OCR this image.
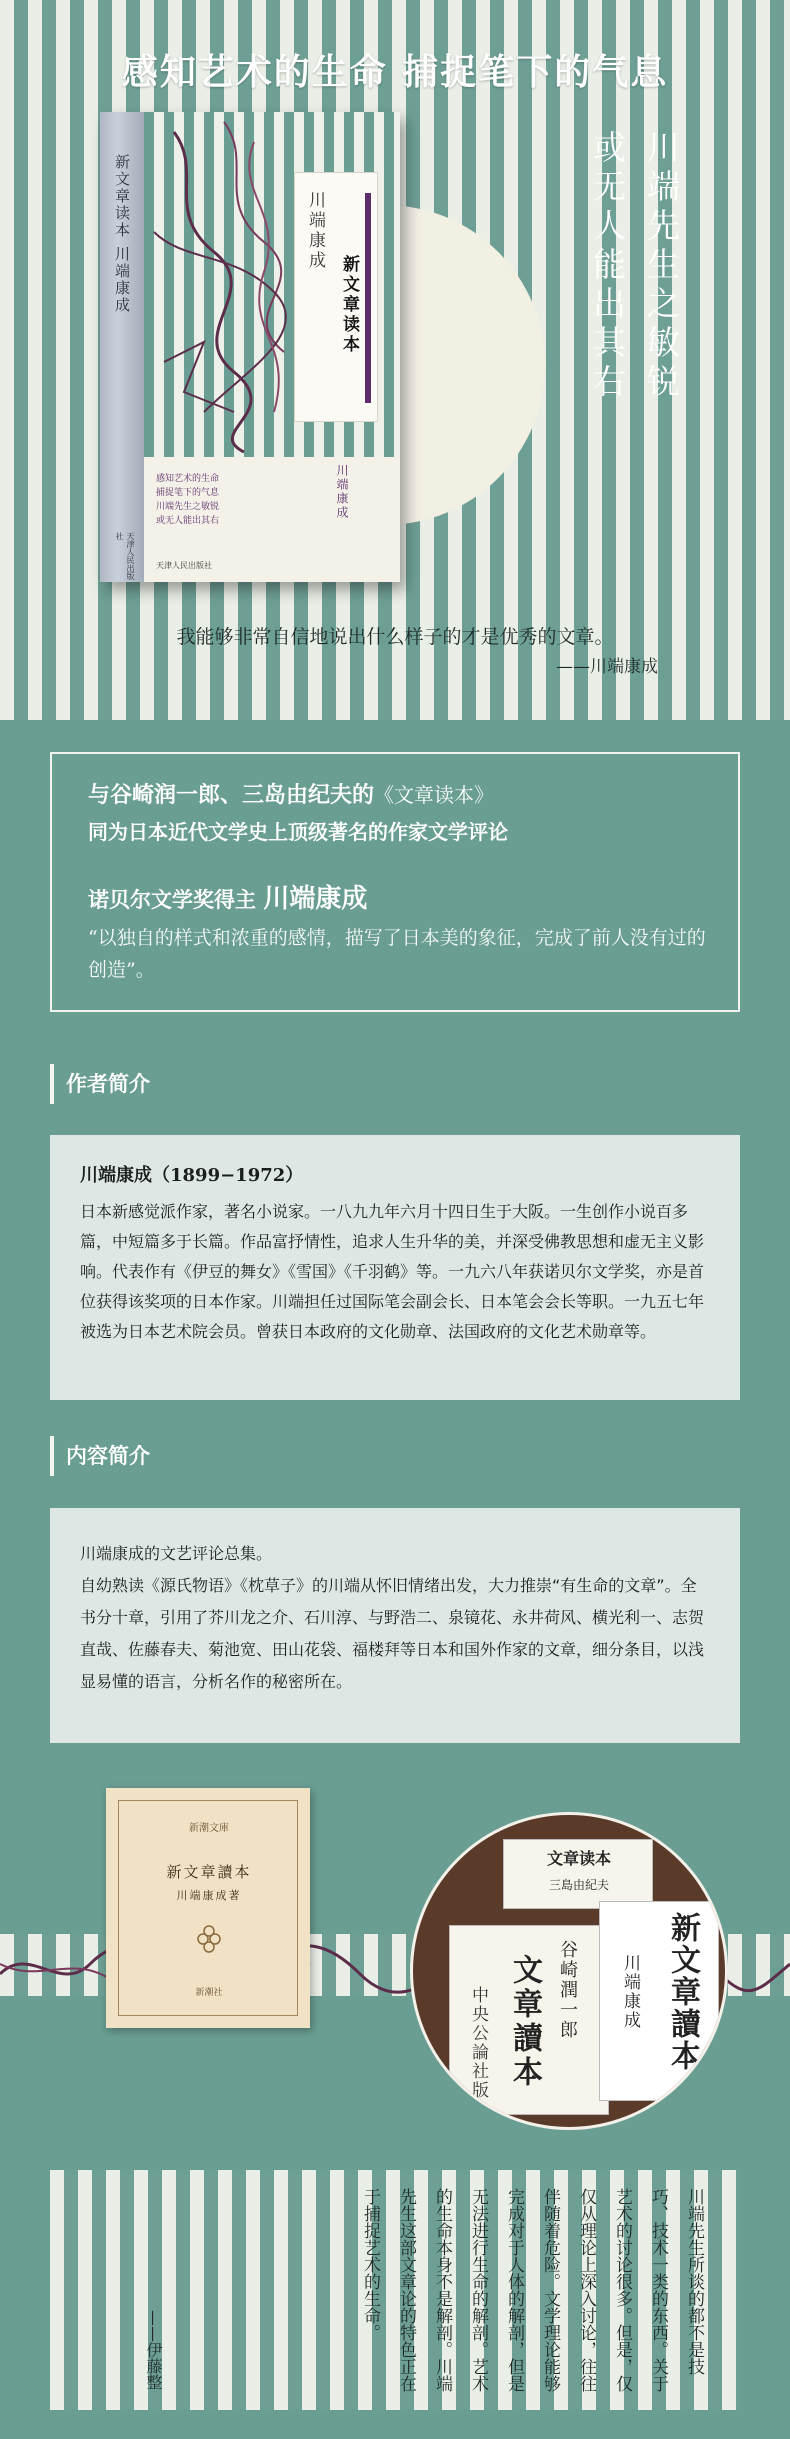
感知艺术的生命 捕捉笔下的气息
新文章读本 川端康成
天津人民出版社
川端康成
新文章读本
感知艺术的生命
捕捉笔下的气息
川端先生之敏锐
或无人能出其右
川端康成
天津人民出版社
川端先生之敏锐
或无人能出其右
我能够非常自信地说出什么样子的才是优秀的文章。
——川端康成
与谷崎润一郎、三岛由纪夫的《文章读本》
同为日本近代文学史上顶级著名的作家文学评论
诺贝尔文学奖得主 川端康成
“以独自的样式和浓重的感情，描写了日本美的象征，完成了前人没有过的创造”。
作者简介
川端康成（1899−1972）
日本新感觉派作家，著名小说家。一八九九年六月十四日生于大阪。一生创作小说百多篇，中短篇多于长篇。作品富抒情性，追求人生升华的美，并深受佛教思想和虚无主义影响。代表作有《伊豆的舞女》《雪国》《千羽鹤》等。一九六八年获诺贝尔文学奖，亦是首位获得该奖项的日本作家。川端担任过国际笔会副会长、日本笔会会长等职。一九五七年被选为日本艺术院会员。曾获日本政府的文化勋章、法国政府的文化艺术勋章等。
内容简介
川端康成的文艺评论总集。
自幼熟读《源氏物语》《枕草子》的川端从怀旧情绪出发，大力推崇“有生命的文章”。全书分十章，引用了芥川龙之介、石川淳、与野浩二、泉镜花、永井荷风、横光利一、志贺直哉、佐藤春夫、菊池宽、田山花袋、福楼拜等日本和国外作家的文章，细分条目，以浅显易懂的语言，分析名作的秘密所在。
新潮文庫
新文章讀本
川端康成著
新潮社
文章读本
三島由紀夫
谷崎潤一郎
文章讀本
中央公論社版	新文章讀本
川端康成
川端先生所谈的都不是技巧、技术一类的东西。关于艺术的讨论很多。但是，仅仅从理论上深入讨论，往往伴随着危险。文学理论能够完成对于人体的解剖，但是无法进行生命的解剖。艺术的生命本身不是解剖。川端先生这部文章论的特色正在于捕捉艺术的生命。
——伊藤整
